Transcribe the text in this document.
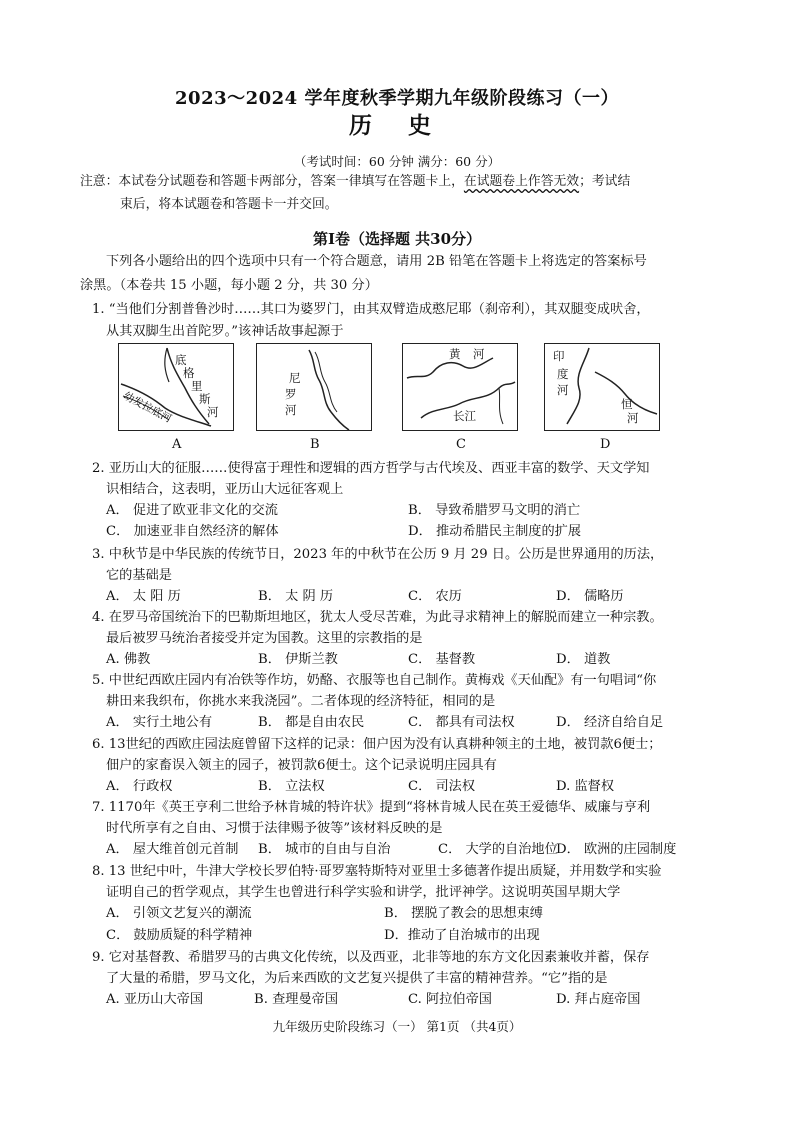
2023～2024 学年度秋季学期九年级阶段练习（一）
历 史
（考试时间：60 分钟 满分：60 分）
注意：本试卷分试题卷和答题卡两部分，答案一律填写在答题卡上，在试题卷上作答无效；考试结
束后，将本试题卷和答题卡一并交回。
第Ⅰ卷（选择题 共30分）
下列各小题给出的四个选项中只有一个符合题意，请用 2B 铅笔在答题卡上将选定的答案标号
涂黑。（本卷共 15 小题，每小题 2 分，共 30 分）
1. “当他们分割普鲁沙时……其口为婆罗门，由其双臂造成憨尼耶（刹帝利），其双腿变成吠舍，
从其双脚生出首陀罗。”该神话故事起源于
底
格
里
斯
河
幼发拉底河
A
尼
罗
河
B
黄 河
长江
C
印
度
河
恒
河
D
2. 亚历山大的征服……使得富于理性和逻辑的西方哲学与古代埃及、西亚丰富的数学、天文学知
识相结合，这表明，亚历山大远征客观上
A． 促进了欧亚非文化的交流	B． 导致希腊罗马文明的消亡
C． 加速亚非自然经济的解体	D． 推动希腊民主制度的扩展
3. 中秋节是中华民族的传统节日，2023 年的中秋节在公历 9 月 29 日。公历是世界通用的历法，
它的基础是
A． 太 阳 历	B． 太 阴 历	C． 农历	D． 儒略历
4. 在罗马帝国统治下的巴勒斯坦地区，犹太人受尽苦难，为此寻求精神上的解脱而建立一种宗教。
最后被罗马统治者接受并定为国教。这里的宗教指的是
A. 佛教	B． 伊斯兰教	C． 基督教	D． 道教
5. 中世纪西欧庄园内有冶铁等作坊，奶酪、衣服等也自己制作。黄梅戏《天仙配》有一句唱词“你
耕田来我织布，你挑水来我浇园”。二者体现的经济特征，相同的是
A． 实行土地公有	B． 都是自由农民	C． 都具有司法权	D． 经济自给自足
6. 13世纪的西欧庄园法庭曾留下这样的记录：佃户因为没有认真耕种领主的土地，被罚款6便士；
佃户的家畜误入领主的园子，被罚款6便士。这个记录说明庄园具有
A． 行政权	B． 立法权	C． 司法权	D. 监督权
7. 1170年《英王亨利二世给予林肯城的特许状》提到“将林肯城人民在英王爱德华、威廉与亨利
时代所享有之自由、习惯于法律赐予彼等”该材料反映的是
A． 屋大维首创元首制 B． 城市的自由与自治	C． 大学的自治地位
D． 欧洲的庄园制度
8. 13 世纪中叶，牛津大学校长罗伯特·哥罗塞特斯特对亚里士多德著作提出质疑，并用数学和实验
证明自己的哲学观点，其学生也曾进行科学实验和讲学，批评神学。这说明英国早期大学
A． 引领文艺复兴的潮流	B． 摆脱了教会的思想束缚
C． 鼓励质疑的科学精神	D．推动了自治城市的出现
9. 它对基督教、希腊罗马的古典文化传统，以及西亚，北非等地的东方文化因素兼收并蓄，保存
了大量的希腊，罗马文化，为后来西欧的文艺复兴提供了丰富的精神营养。“它”指的是
A. 亚历山大帝国	B. 查理曼帝国	C. 阿拉伯帝国	D. 拜占庭帝国
九年级历史阶段练习（一） 第1页 （共4页）
